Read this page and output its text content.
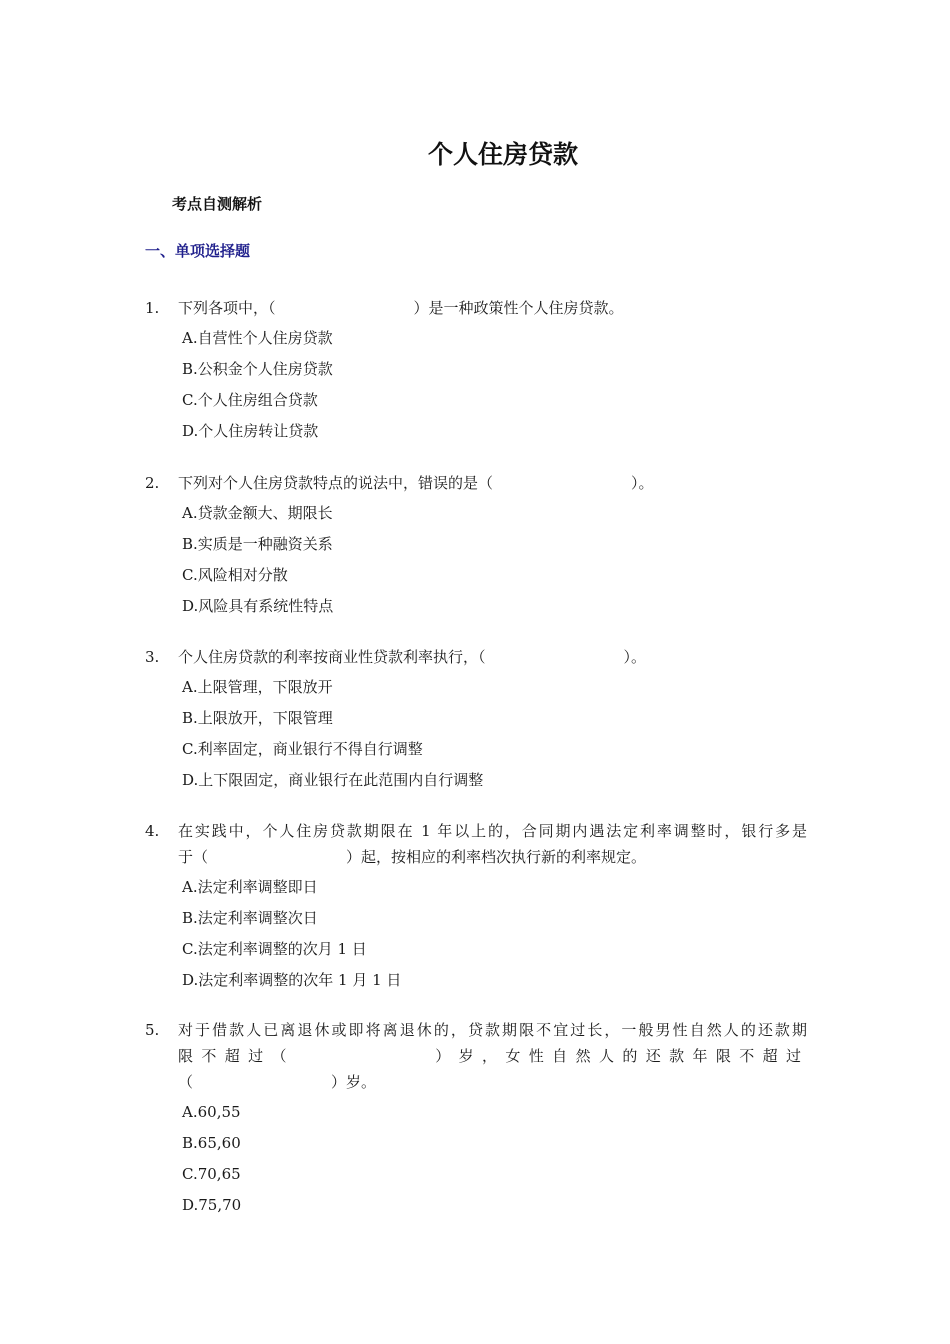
个人住房贷款
考点自测解析
一、单项选择题
1.	下列各项中，（	）是一种政策性个人住房贷款。
A.自营性个人住房贷款
B.公积金个人住房贷款
C.个人住房组合贷款
D.个人住房转让贷款
2.	下列对个人住房贷款特点的说法中，错误的是（	）。
A.贷款金额大、期限长
B.实质是一种融资关系
C.风险相对分散
D.风险具有系统性特点
3.	个人住房贷款的利率按商业性贷款利率执行，（	）。
A.上限管理，下限放开
B.上限放开，下限管理
C.利率固定，商业银行不得自行调整
D.上下限固定，商业银行在此范围内自行调整
4.	在实践中，个人住房贷款期限在 1 年以上的，合同期内遇法定利率调整时，银行多是
于（	）起，按相应的利率档次执行新的利率规定。
A.法定利率调整即日
B.法定利率调整次日
C.法定利率调整的次月 1 日
D.法定利率调整的次年 1 月 1 日
5.	对于借款人已离退休或即将离退休的，贷款期限不宜过长，一般男性自然人的还款期
限不超过（	）岁，女性自然人的还款年限不超过
（	）岁。
A.60,55
B.65,60
C.70,65
D.75,70
